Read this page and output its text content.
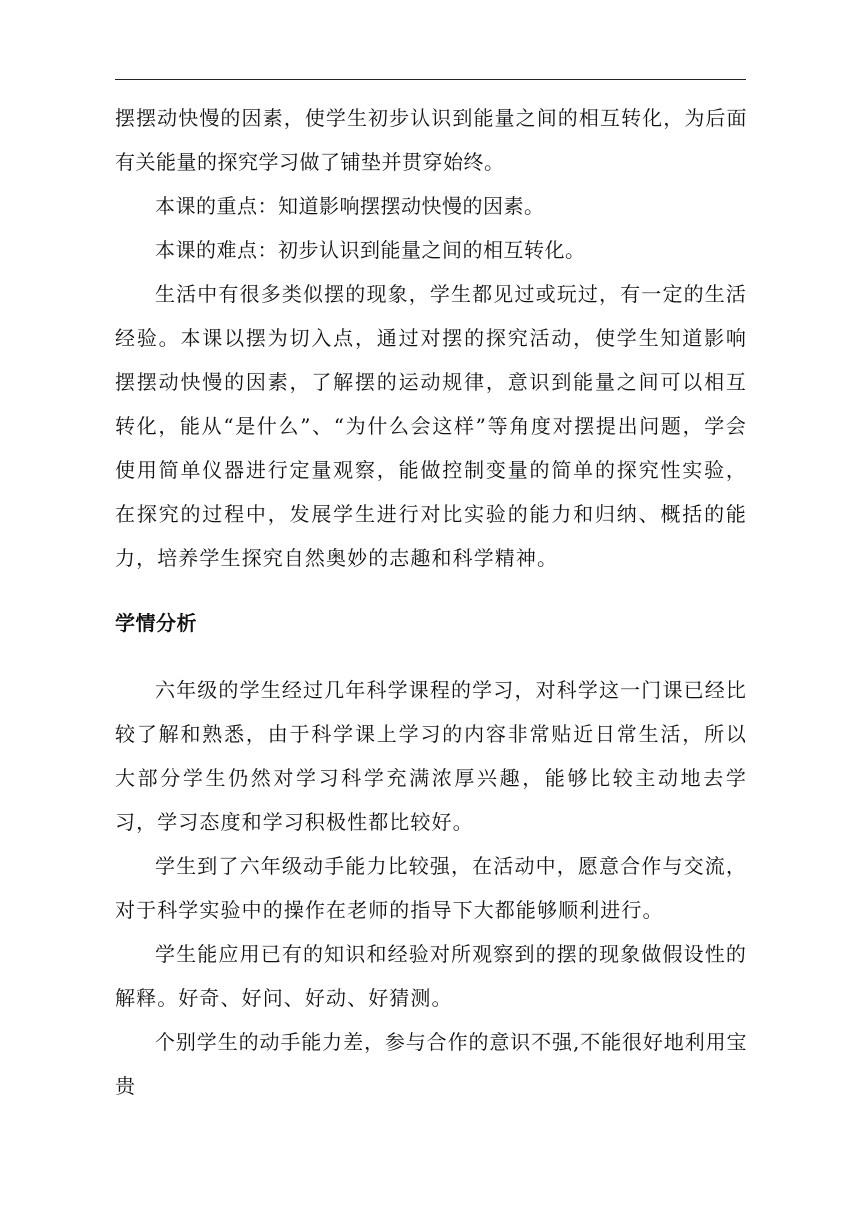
摆摆动快慢的因素，使学生初步认识到能量之间的相互转化，为后面有关能量的探究学习做了铺垫并贯穿始终。

本课的重点：知道影响摆摆动快慢的因素。

本课的难点：初步认识到能量之间的相互转化。

生活中有很多类似摆的现象，学生都见过或玩过，有一定的生活经验。本课以摆为切入点，通过对摆的探究活动，使学生知道影响摆摆动快慢的因素，了解摆的运动规律，意识到能量之间可以相互转化，能从“是什么”、“为什么会这样”等角度对摆提出问题，学会使用简单仪器进行定量观察，能做控制变量的简单的探究性实验，在探究的过程中，发展学生进行对比实验的能力和归纳、概括的能力，培养学生探究自然奥妙的志趣和科学精神。

学情分析

六年级的学生经过几年科学课程的学习，对科学这一门课已经比较了解和熟悉，由于科学课上学习的内容非常贴近日常生活，所以大部分学生仍然对学习科学充满浓厚兴趣，能够比较主动地去学习，学习态度和学习积极性都比较好。

学生到了六年级动手能力比较强，在活动中，愿意合作与交流，对于科学实验中的操作在老师的指导下大都能够顺利进行。

学生能应用已有的知识和经验对所观察到的摆的现象做假设性的解释。好奇、好问、好动、好猜测。

个别学生的动手能力差，参与合作的意识不强,不能很好地利用宝贵
